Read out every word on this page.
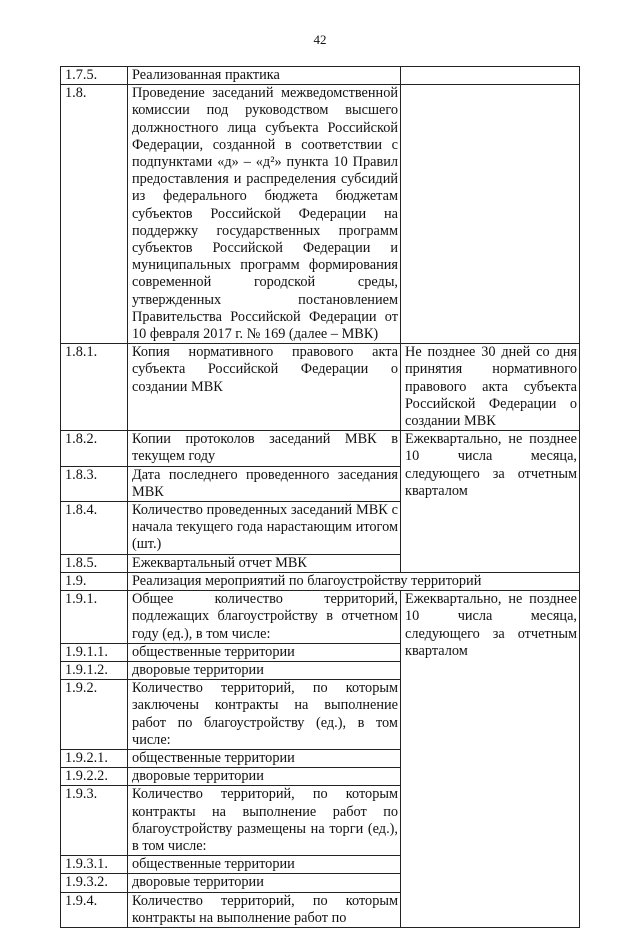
42
1.7.5.	Реализованная практика	
1.8.	Проведение заседаний межведомственной комиссии под руководством высшего должностного лица субъекта Российской Федерации, созданной в соответствии с подпунктами «д» – «д²» пункта 10 Правил предоставления и распределения субсидий из федерального бюджета бюджетам субъектов Российской Федерации на поддержку государственных программ субъектов Российской Федерации и муниципальных программ формирования современной городской среды, утвержденных постановлением Правительства Российской Федерации от 10 февраля 2017 г. № 169 (далее – МВК)	
1.8.1.	Копия нормативного правового акта субъекта Российской Федерации о создании МВК	Не позднее 30 дней со дня принятия нормативного правового акта субъекта Российской Федерации о создании МВК
1.8.2.	Копии протоколов заседаний МВК в текущем году	Ежеквартально, не позднее 10 числа месяца, следующего за отчетным кварталом
1.8.3.	Дата последнего проведенного заседания МВК	
1.8.4.	Количество проведенных заседаний МВК с начала текущего года нарастающим итогом (шт.)	
1.8.5.	Ежеквартальный отчет МВК	
1.9.	Реализация мероприятий по благоустройству территорий	
1.9.1.	Общее количество территорий, подлежащих благоустройству в отчетном году (ед.), в том числе:	Ежеквартально, не позднее 10 числа месяца, следующего за отчетным кварталом
1.9.1.1.	общественные территории	
1.9.1.2.	дворовые территории	
1.9.2.	Количество территорий, по которым заключены контракты на выполнение работ по благоустройству (ед.), в том числе:	
1.9.2.1.	общественные территории	
1.9.2.2.	дворовые территории	
1.9.3.	Количество территорий, по которым контракты на выполнение работ по благоустройству размещены на торги (ед.), в том числе:	
1.9.3.1.	общественные территории	
1.9.3.2.	дворовые территории	
1.9.4.	Количество территорий, по которым контракты на выполнение работ по	
